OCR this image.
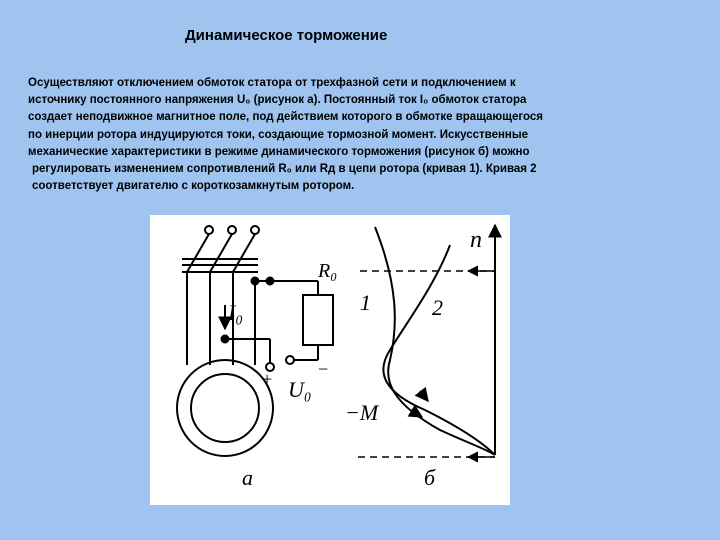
Динамическое торможение
Осуществляют отключением обмоток статора от трехфазной сети и подключением к
источнику постоянного напряжения U₀ (рисунок а). Постоянный ток I₀ обмоток статора
создает неподвижное магнитное поле, под действием которого в обмотке вращающегося
по инерции ротора индуцируются токи, создающие тормозной момент. Искусственные
механические характеристики в режиме динамического торможения (рисунок б) можно
регулировать изменением сопротивлений R₀ или Rд в цепи ротора (кривая 1). Кривая 2
соответствует двигателю с короткозамкнутым ротором.
I₀
R₀
+	−
U₀
а
n
1	2
−M
б
